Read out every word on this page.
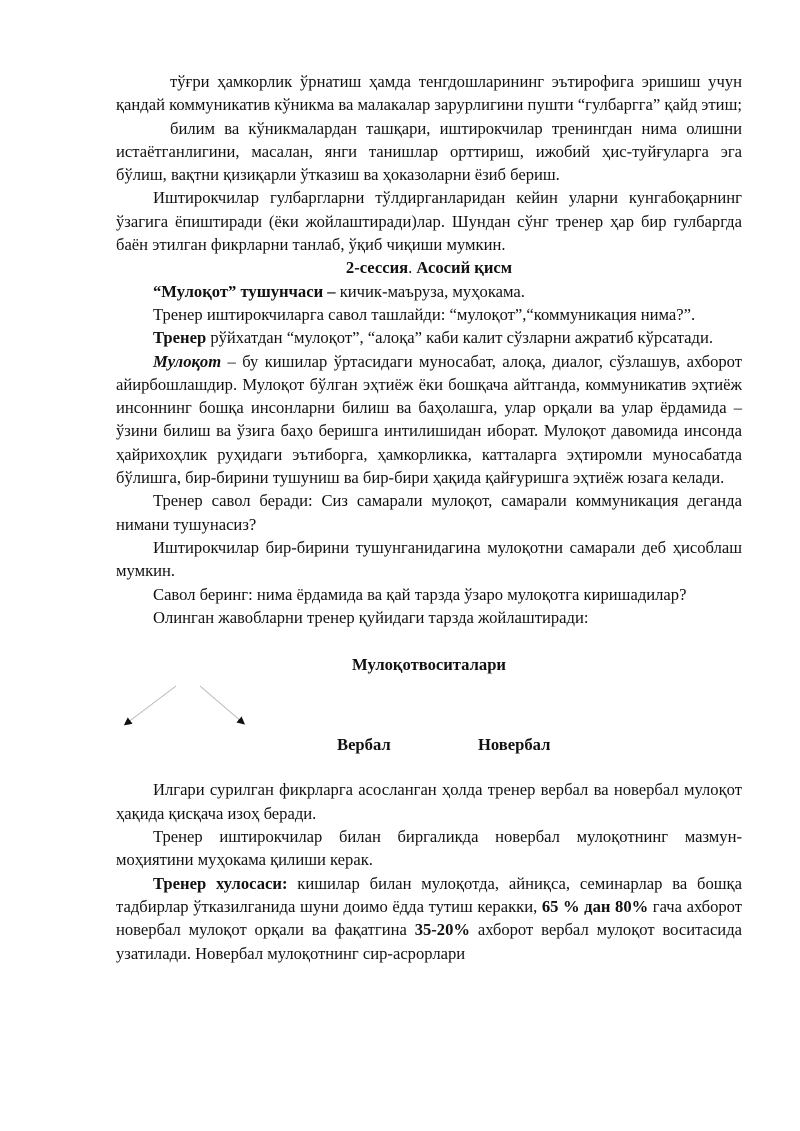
тўғри ҳамкорлик ўрнатиш ҳамда тенгдошларининг эътирофига эришиш учун қандай коммуникатив кўникма ва малакалар зарурлигини пушти “гулбаргга” қайд этиш;

билим ва кўникмалардан ташқари, иштирокчилар тренингдан нима олишни истаётганлигини, масалан, янги танишлар орттириш, ижобий ҳис-туйғуларга эга бўлиш, вақтни қизиқарли ўтказиш ва ҳоказоларни ёзиб бериш.

Иштирокчилар гулбаргларни тўлдирганларидан кейин уларни кунгабоқарнинг ўзагига ёпиштиради (ёки жойлаштиради)лар. Шундан сўнг тренер ҳар бир гулбаргда баён этилган фикрларни танлаб, ўқиб чиқиши мумкин.

2-сессия. Асосий қисм

“Мулоқот” тушунчаси – кичик-маъруза, муҳокама.

Тренер иштирокчиларга савол ташлайди: “мулоқот”,“коммуникация нима?”.

Тренер рўйхатдан “мулоқот”, “алоқа” каби калит сўзларни ажратиб кўрсатади.

Мулоқот – бу кишилар ўртасидаги муносабат, алоқа, диалог, сўзлашув, ахборот айирбошлашдир. Мулоқот бўлган эҳтиёж ёки бошқача айтганда, коммуникатив эҳтиёж инсоннинг бошқа инсонларни билиш ва баҳолашга, улар орқали ва улар ёрдамида – ўзини билиш ва ўзига баҳо беришга интилишидан иборат. Мулоқот давомида инсонда ҳайрихоҳлик руҳидаги эътиборга, ҳамкорликка, катталарга эҳтиромли муносабатда бўлишга, бир-бирини тушуниш ва бир-бири ҳақида қайғуришга эҳтиёж юзага келади.

Тренер савол беради: Сиз самарали мулоқот, самарали коммуникация деганда нимани тушунасиз?

Иштирокчилар бир-бирини тушунганидагина мулоқотни самарали деб ҳисоблаш мумкин.

Савол беринг: нима ёрдамида ва қай тарзда ўзаро мулоқотга киришадилар?

Олинган жавобларни тренер қуйидаги тарзда жойлаштиради:

Мулоқотвоситалари

Вербал	Новербал

Илгари сурилган фикрларга асосланган ҳолда тренер вербал ва новербал мулоқот ҳақида қисқача изоҳ беради.

Тренер иштирокчилар билан биргаликда новербал мулоқотнинг мазмун-моҳиятини муҳокама қилиши керак.

Тренер хулосаси: кишилар билан мулоқотда, айниқса, семинарлар ва бошқа тадбирлар ўтказилганида шуни доимо ёдда тутиш керакки, 65 % дан 80% гача ахборот новербал мулоқот орқали ва фақатгина 35-20% ахборот вербал мулоқот воситасида узатилади. Новербал мулоқотнинг сир-асрорлари
